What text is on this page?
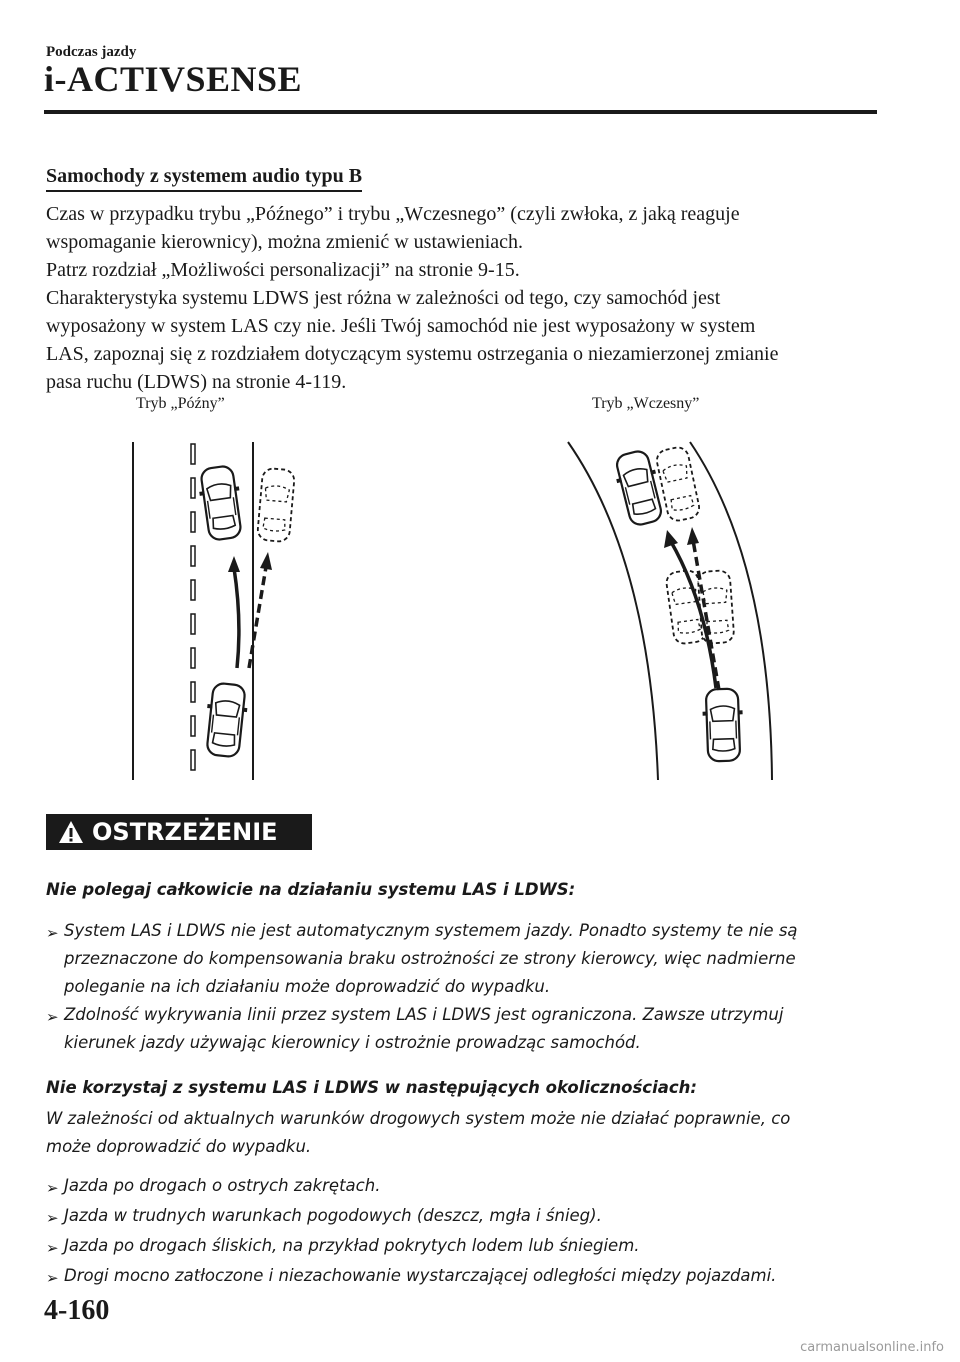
Podczas jazdy
i-ACTIVSENSE
Samochody z systemem audio typu B
Czas w przypadku trybu „Późnego” i trybu „Wczesnego” (czyli zwłoka, z jaką reaguje
wspomaganie kierownicy), można zmienić w ustawieniach.
Patrz rozdział „Możliwości personalizacji” na stronie 9-15.
Charakterystyka systemu LDWS jest różna w zależności od tego, czy samochód jest
wyposażony w system LAS czy nie. Jeśli Twój samochód nie jest wyposażony w system
LAS, zapoznaj się z rozdziałem dotyczącym systemu ostrzegania o niezamierzonej zmianie
pasa ruchu (LDWS) na stronie 4-119.
Tryb „Późny”	Tryb „Wczesny”
OSTRZEŻENIE
Nie polegaj całkowicie na działaniu systemu LAS i LDWS:
➢ System LAS i LDWS nie jest automatycznym systemem jazdy. Ponadto systemy te nie są
przeznaczone do kompensowania braku ostrożności ze strony kierowcy, więc nadmierne
poleganie na ich działaniu może doprowadzić do wypadku.
➢ Zdolność wykrywania linii przez system LAS i LDWS jest ograniczona. Zawsze utrzymuj
kierunek jazdy używając kierownicy i ostrożnie prowadząc samochód.
Nie korzystaj z systemu LAS i LDWS w następujących okolicznościach:
W zależności od aktualnych warunków drogowych system może nie działać poprawnie, co
może doprowadzić do wypadku.
➢ Jazda po drogach o ostrych zakrętach.
➢ Jazda w trudnych warunkach pogodowych (deszcz, mgła i śnieg).
➢ Jazda po drogach śliskich, na przykład pokrytych lodem lub śniegiem.
➢ Drogi mocno zatłoczone i niezachowanie wystarczającej odległości między pojazdami.
4-160
carmanualsonline.info
